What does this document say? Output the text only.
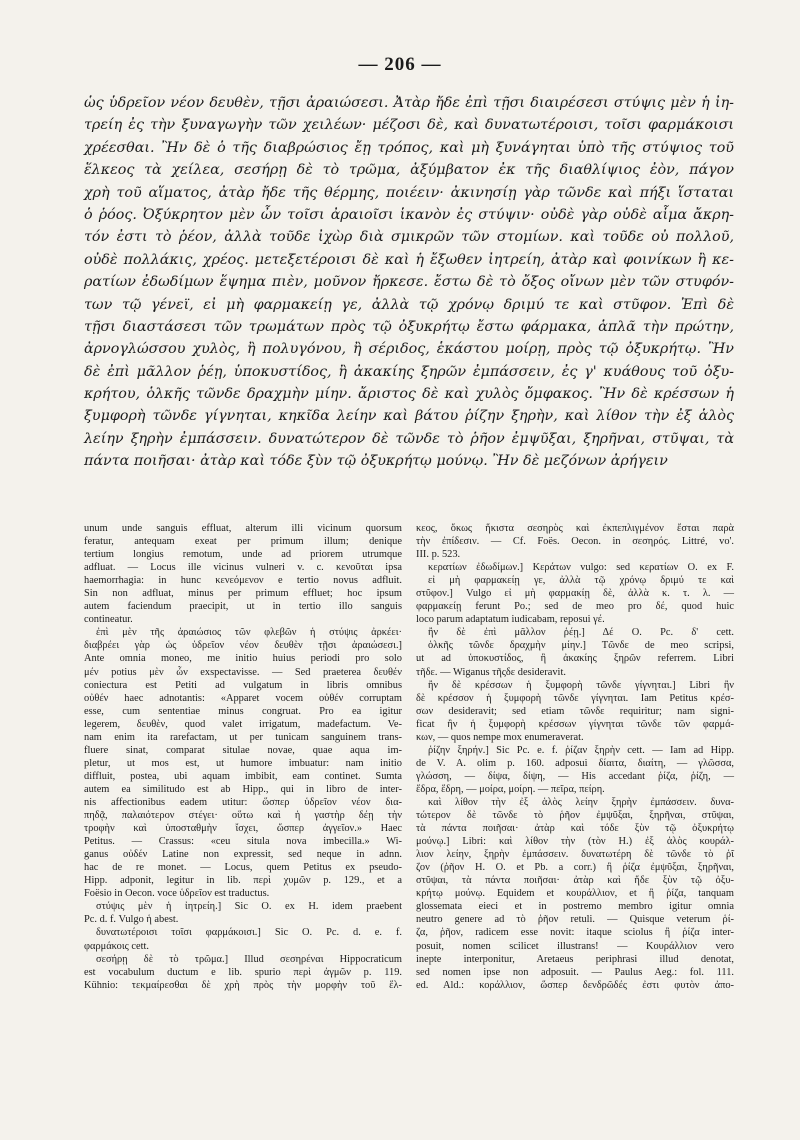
— 206 —
ὡς ὑδρεῖον νέον δευθὲν, τῇσι ἀραιώσεσι. Ἀτὰρ ἤδε ἐπὶ τῇσι διαιρέσεσι στύψις μὲν ἡ ἰη-
τρείη ἐς τὴν ξυναγωγὴν τῶν χειλέων· μέζοσι δὲ, καὶ δυνατωτέροισι, τοῖσι φαρμάκοισι
χρέεσθαι. Ἢν δὲ ὁ τῆς διαβρώσιος ἔῃ τρόπος, καὶ μὴ ξυνάγηται ὑπὸ τῆς στύψιος τοῦ
ἕλκεος τὰ χείλεα, σεσήρῃ δὲ τὸ τρῶμα, ἀξύμβατον ἐκ τῆς διαθλίψιος ἐὸν, πάγον
χρὴ τοῦ αἵματος, ἀτὰρ ἤδε τῆς θέρμης, ποιέειν· ἀκινησίῃ γὰρ τῶνδε καὶ πήξι ἵσταται
ὁ ῥόος. Ὀξύκρητον μὲν ὦν τοῖσι ἀραιοῖσι ἱκανὸν ἐς στύψιν· οὐδὲ γὰρ οὐδὲ αἷμα ἄκρη-
τόν ἐστι τὸ ῥέον, ἀλλὰ τοῦδε ἰχὼρ διὰ σμικρῶν τῶν στομίων. καὶ τοῦδε οὐ πολλοῦ,
οὐδὲ πολλάκις, χρέος. μετεξετέροισι δὲ καὶ ἡ ἔξωθεν ἰητρείη, ἀτὰρ καὶ φοινίκων ἢ κε-
ρατίων ἐδωδίμων ἕψημα πιὲν, μοῦνον ἤρκεσε. ἔστω δὲ τὸ ὄξος οἴνων μὲν τῶν στυφόν-
των τῷ γένεϊ, εἰ μὴ φαρμακείῃ γε, ἀλλὰ τῷ χρόνῳ δριμύ τε καὶ στῦφον. Ἐπὶ δὲ
τῇσι διαστάσεσι τῶν τρωμάτων πρὸς τῷ ὀξυκρήτῳ ἔστω φάρμακα, ἁπλᾶ τὴν πρώτην,
ἀρνογλώσσου χυλὸς, ἢ πολυγόνου, ἢ σέριδος, ἑκάστου μοίρῃ, πρὸς τῷ ὀξυκρήτῳ. Ἢν
δὲ ἐπὶ μᾶλλον ῥέῃ, ὑποκυστίδος, ἢ ἀκακίης ξηρῶν ἐμπάσσειν, ἐς γ' κυάθους τοῦ ὀξυ-
κρήτου, ὁλκῆς τῶνδε δραχμὴν μίην. ἄριστος δὲ καὶ χυλὸς ὄμφακος. Ἢν δὲ κρέσσων ἡ
ξυμφορὴ τῶνδε γίγνηται, κηκῖδα λείην καὶ βάτου ῥίζην ξηρὴν, καὶ λίθον τὴν ἐξ ἁλὸς
λείην ξηρὴν ἐμπάσσειν. δυνατώτερον δὲ τῶνδε τὸ ῥῆον ἐμψῦξαι, ξηρῆναι, στῦψαι, τὰ
πάντα ποιῆσαι· ἀτὰρ καὶ τόδε ξὺν τῷ ὀξυκρήτῳ μούνῳ. Ἢν δὲ μεζόνων ἀρήγειν
unum unde sanguis effluat, alterum illi vicinum quorsum
feratur, antequam exeat per primum illum; denique
tertium longius remotum, unde ad priorem utrumque
adfluat. — Locus ille vicinus vulneri v. c. κενοῦται ipsa
haemorrhagia: in hunc κενεόμενον e tertio novus adfluit.
Sin non adfluat, minus per primum effluet; hoc ipsum
autem faciendum praecipit, ut in tertio illo sanguis
contineatur.
ἐπὶ μὲν τῆς ἀραιώσιος τῶν φλεβῶν ἡ στύψις ἀρκέει·
διαβρέει γὰρ ὡς ὑδρεῖον νέον δευθὲν τῇσι ἀραιώσεσι.]
Ante omnia moneo, me initio huius periodi pro solo
μέν potius μὲν ὦν exspectavisse. — Sed praeterea δευθέν
coniectura est Petiti ad vulgatum in libris omnibus
οὐθέν haec adnotantis: «Apparet vocem οὐθέν corruptam
esse, cum sententiae minus congruat. Pro ea igitur
legerem, δευθὲν, quod valet irrigatum, madefactum. Ve-
nam enim ita rarefactam, ut per tunicam sanguinem trans-
fluere sinat, comparat situlae novae, quae aqua im-
pletur, ut mos est, ut humore imbuatur: nam initio
diffluit, postea, ubi aquam imbibit, eam continet. Sumta
autem ea similitudo est ab Hipp., qui in libro de inter-
nis affectionibus eadem utitur: ὥσπερ ὑδρεῖον νέον δια-
πηδᾷ, παλαιότερον στέγει· οὕτω καὶ ἡ γαστὴρ δέῃ τὴν
τροφὴν καὶ ὑποσταθμὴν ἴσχει, ὥσπερ ἀγγεῖον.» Haec
Petitus. — Crassus: «ceu situla nova imbecilla.» Wi-
ganus οὐδέν Latine non expressit, sed neque in adnn.
hac de re monet. — Locus, quem Petitus ex pseudo-
Hipp. adponit, legitur in lib. περὶ χυμῶν p. 129., et a
Foësio in Oecon. voce ὑδρεῖον est traductus.
στύψις μὲν ἡ ἰητρείη.] Sic O. ex H. idem praebent
Pc. d. f. Vulgo ἡ abest.
δυνατωτέροισι τοῖσι φαρμάκοισι.] Sic O. Pc. d. e. f.
φαρμάκοις cett.
σεσήρῃ δὲ τὸ τρῶμα.] Illud σεσηρέναι Hippocraticum
est vocabulum ductum e lib. spurio περὶ ἀγμῶν p. 119.
Kühnio: τεκμαίρεσθαι δὲ χρὴ πρὸς τὴν μορφὴν τοῦ ἕλ-
κεος, ὅκως ἥκιστα σεσηρὸς καὶ ἐκπεπλιγμένον ἔσται παρὰ
τὴν ἐπίδεσιν. — Cf. Foës. Oecon. in σεσηρός. Littré, vo'.
III. p. 523.
κερατίων ἐδωδίμων.] Κεράτων vulgo: sed κερατίων O. ex F.
εἰ μὴ φαρμακείῃ γε, ἀλλὰ τῷ χρόνῳ δριμύ τε καὶ
στῦφον.] Vulgo εἰ μὴ φαρμακίῃ δὲ, ἀλλὰ κ. τ. λ. —
φαρμακείῃ ferunt Po.; sed de meo pro δέ, quod huic
loco parum adaptatum iudicabam, reposui γέ.
ἢν δὲ ἐπὶ μᾶλλον ῥέῃ.] Δέ O. Pc. δ' cett.
ὁλκῆς τῶνδε δραχμὴν μίην.] Τῶνδε de meo scripsi,
ut ad ὑποκυστίδος, ἢ ἀκακίης ξηρῶν referrem. Libri
τῆδε. — Wiganus τῆςδε desideravit.
ἢν δὲ κρέσσων ἡ ξυμφορὴ τῶνδε γίγνηται.] Libri ἢν
δὲ κρέσσον ἡ ξυμφορὴ τῶνδε γίγνηται. Iam Petitus κρέσ-
σων desideravit; sed etiam τῶνδε requiritur; nam signi-
ficat ἢν ἡ ξυμφορὴ κρέσσων γίγνηται τῶνδε τῶν φαρμά-
κων, — quos nempe mox enumeraverat.
ῥίζην ξηρήν.] Sic Pc. e. f. ῥίζαν ξηρὴν cett. — Iam ad Hipp.
de V. A. olim p. 160. adposui δίαιτα, διαίτη, — γλῶσσα,
γλώσση, — δίψα, δίψη, — His accedant ῥίζα, ῥίζη, —
ἕδρα, ἕδρη, — μοίρα, μοίρη. — πεῖρα, πείρη.
καὶ λίθον τὴν ἐξ ἁλὸς λείην ξηρὴν ἐμπάσσειν. δυνα-
τώτερον δὲ τῶνδε τὸ ῥῆον ἐμψῦξαι, ξηρῆναι, στῦψαι,
τὰ πάντα ποιῆσαι· ἀτὰρ καὶ τόδε ξὺν τῷ ὀξυκρήτῳ
μούνῳ.] Libri: καὶ λίθον τὴν (τὸν H.) ἐξ ἁλὸς κουράλ-
λιον λείην, ξηρὴν ἐμπάσσειν. δυνατωτέρη δὲ τῶνδε τὸ ῥῖ
ζον (ῥῆον H. O. et Pb. a corr.) ἢ ῥίζα ἐμψῦξαι, ξηρῆναι,
στῦψαι, τὰ πάντα ποιῆσαι· ἀτὰρ καὶ ἥδε ξὺν τῷ ὀξυ-
κρήτῳ μούνῳ. Equidem et κουράλλιον, et ἢ ῥίζα, tanquam
glossemata eieci et in postremo membro igitur omnia
neutro genere ad τὸ ῥῆον retuli. — Quisque veterum ῥί-
ζα, ῥῆον, radicem esse novit: itaque sciolus ἢ ῥίζα inter-
posuit, nomen scilicet illustrans! — Κουράλλιον vero
inepte interponitur, Aretaeus periphrasi illud denotat,
sed nomen ipse non adposuit. — Paulus Aeg.: fol. 111.
ed. Ald.: κοράλλιον, ὥσπερ δενδρῶδές ἐστι φυτὸν ἀπο-
